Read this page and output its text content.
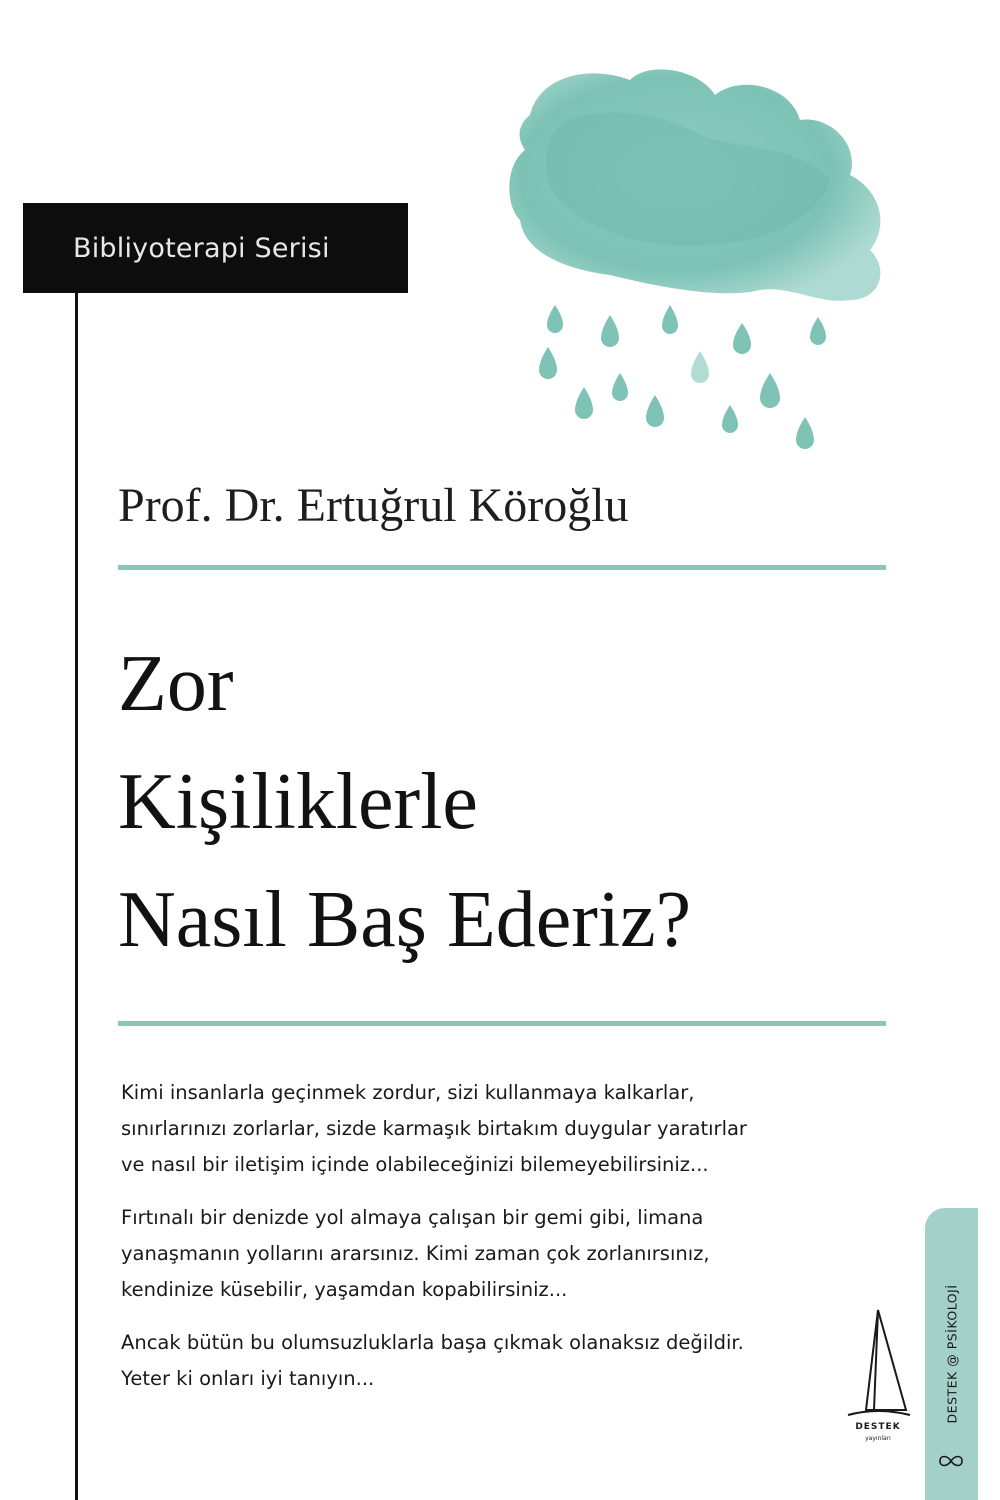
Bibliyoterapi Serisi
Prof. Dr. Ertuğrul Köroğlu
Zor
Kişiliklerle
Nasıl Baş Ederiz?

Kimi insanlarla geçinmek zordur, sizi kullanmaya kalkarlar,
sınırlarınızı zorlarlar, sizde karmaşık birtakım duygular yaratırlar
ve nasıl bir iletişim içinde olabileceğinizi bilemeyebilirsiniz...

Fırtınalı bir denizde yol almaya çalışan bir gemi gibi, limana
yanaşmanın yollarını ararsınız. Kimi zaman çok zorlanırsınız,
kendinize küsebilir, yaşamdan kopabilirsiniz...

Ancak bütün bu olumsuzluklarla başa çıkmak olanaksız değildir.
Yeter ki onları iyi tanıyın...

DESTEK
yayınları
DESTEK @ PSİKOLOJİ
